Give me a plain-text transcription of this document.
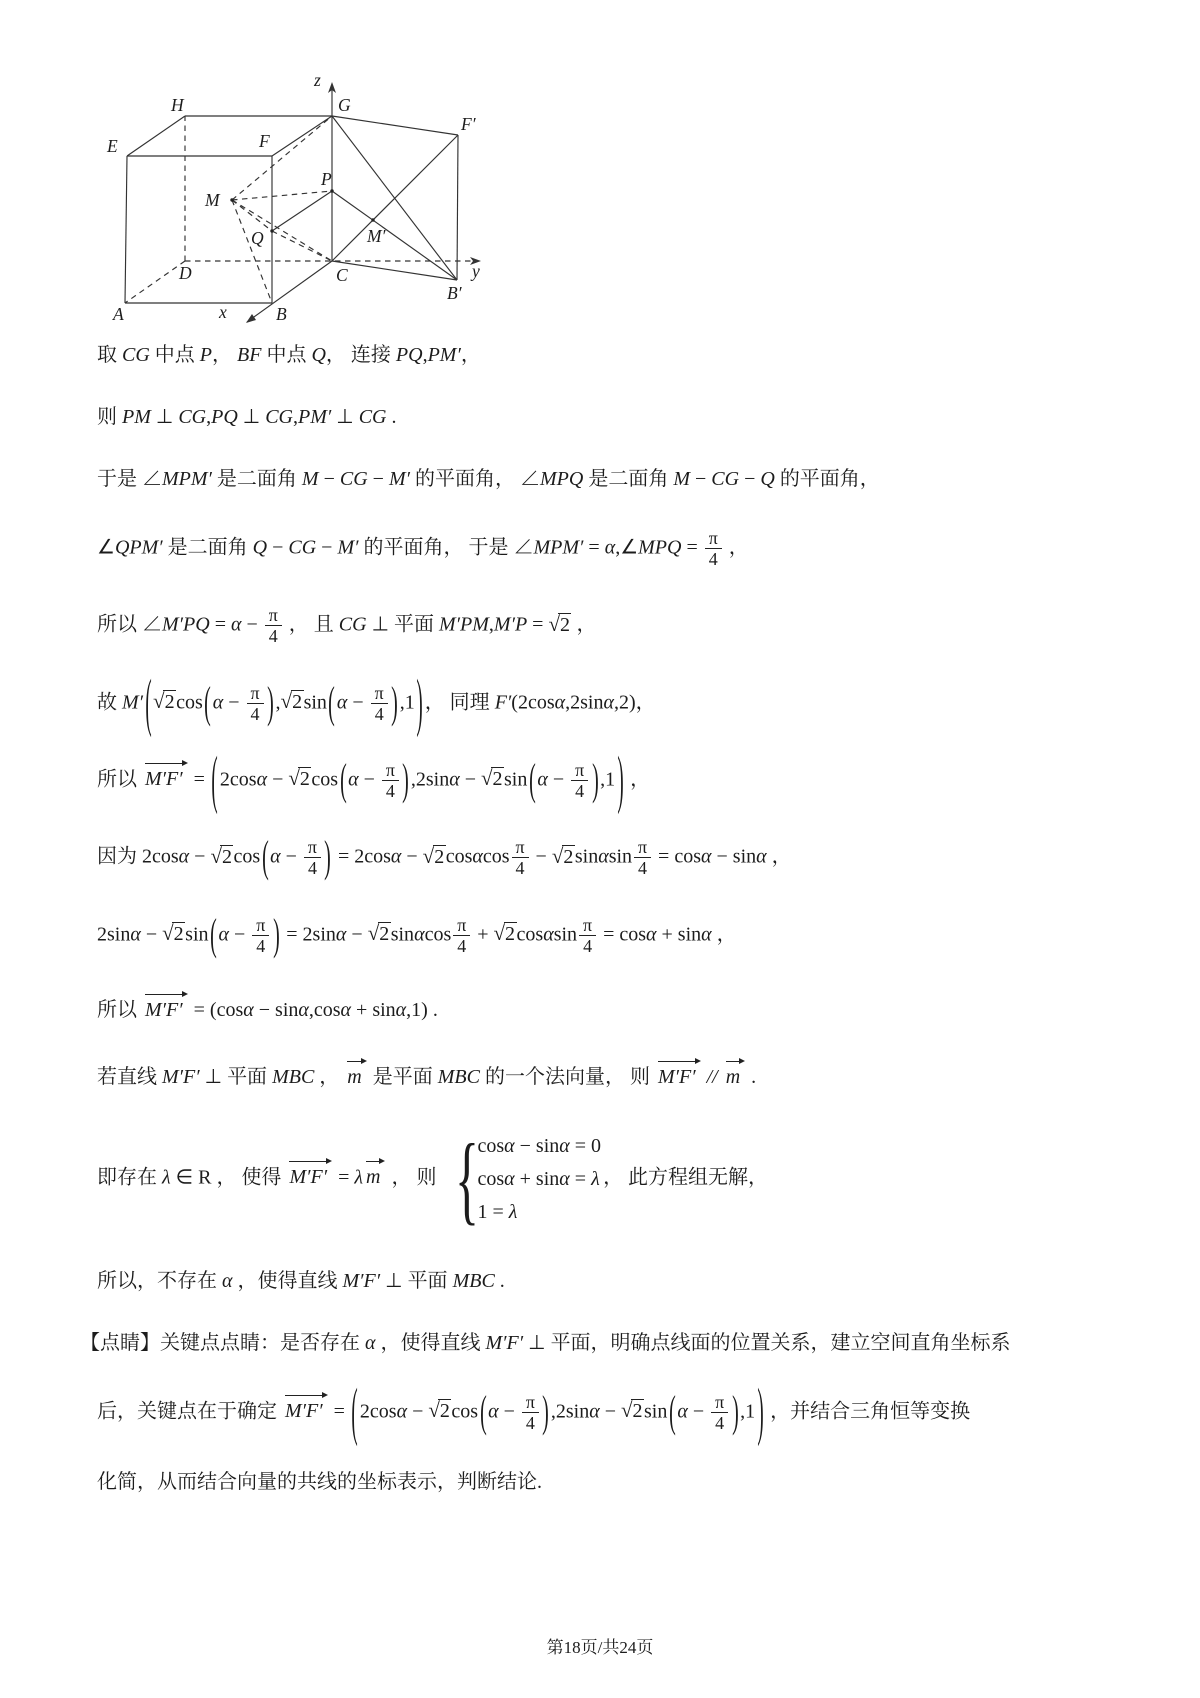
z
G
H
F′
E	F
M
P
Q	M′
D	C
B′
y
A	B
x
取 CG 中点 P， BF 中点 Q， 连接 PQ,PM′，
则 PM ⊥ CG,PQ ⊥ CG,PM′ ⊥ CG .
于是 ∠MPM′ 是二面角 M − CG − M′ 的平面角， ∠MPQ 是二面角 M − CG − Q 的平面角，
∠QPM′ 是二面角 Q − CG − M′ 的平面角， 于是 ∠MPM′ = α,∠MPQ = $\frac{\pi}{4}$ ，
所以 ∠M′PQ = $\alpha - \frac{\pi}{4}$ ， 且 CG ⊥ 平面 M′PM,M′P = √2 ，
故 M′ ( √2cos ( $\alpha - \frac{\pi}{4}$ ) ,√2sin ( $\alpha - \frac{\pi}{4}$ ) ,1 ) ， 同理 F′(2cosα,2sinα,2)，
所以 M′F′ = ( 2cosα − √2cos ( $\alpha - \frac{\pi}{4}$ ) ,2sinα − √2sin ( $\alpha - \frac{\pi}{4}$ ) ,1 ) ，
因为 2cosα − √2cos ( $\alpha - \frac{\pi}{4}$ ) = $2\cos\alpha - √2\cos\alpha\cos \frac{\pi}{4} - √2\sin\alpha\sin \frac{\pi}{4} = \cos\alpha - \sin\alpha$ ，
2sinα − √2sin ( $\alpha - \frac{\pi}{4}$ ) = $2\sin\alpha - √2\sin\alpha\cos \frac{\pi}{4} + √2\cos\alpha\sin \frac{\pi}{4} = \cos\alpha + \sin\alpha$ ，
所以 M′F′ = (cosα − sinα,cosα + sinα,1) .
若直线 M′F′ ⊥ 平面 MBC ， m 是平面 MBC 的一个法向量， 则 M′F′ // m .
即存在 λ ∈ R ， 使得 M′F′ = λ m ， 则 {
cosα − sinα = 0
cosα + sinα = λ
1 = λ
， 此方程组无解，
所以，不存在 α ，使得直线 M′F′ ⊥ 平面 MBC .
【点睛】关键点点睛：是否存在 α ，使得直线 M′F′ ⊥ 平面，明确点线面的位置关系，建立空间直角坐标系
后，关键点在于确定 M′F′ = ( 2cosα − √2cos ( $\alpha - \frac{\pi}{4}$ ) ,2sinα − √2sin ( $\alpha - \frac{\pi}{4}$ ) ,1 ) ，并结合三角恒等变换
化简，从而结合向量的共线的坐标表示，判断结论.
第18页/共24页
